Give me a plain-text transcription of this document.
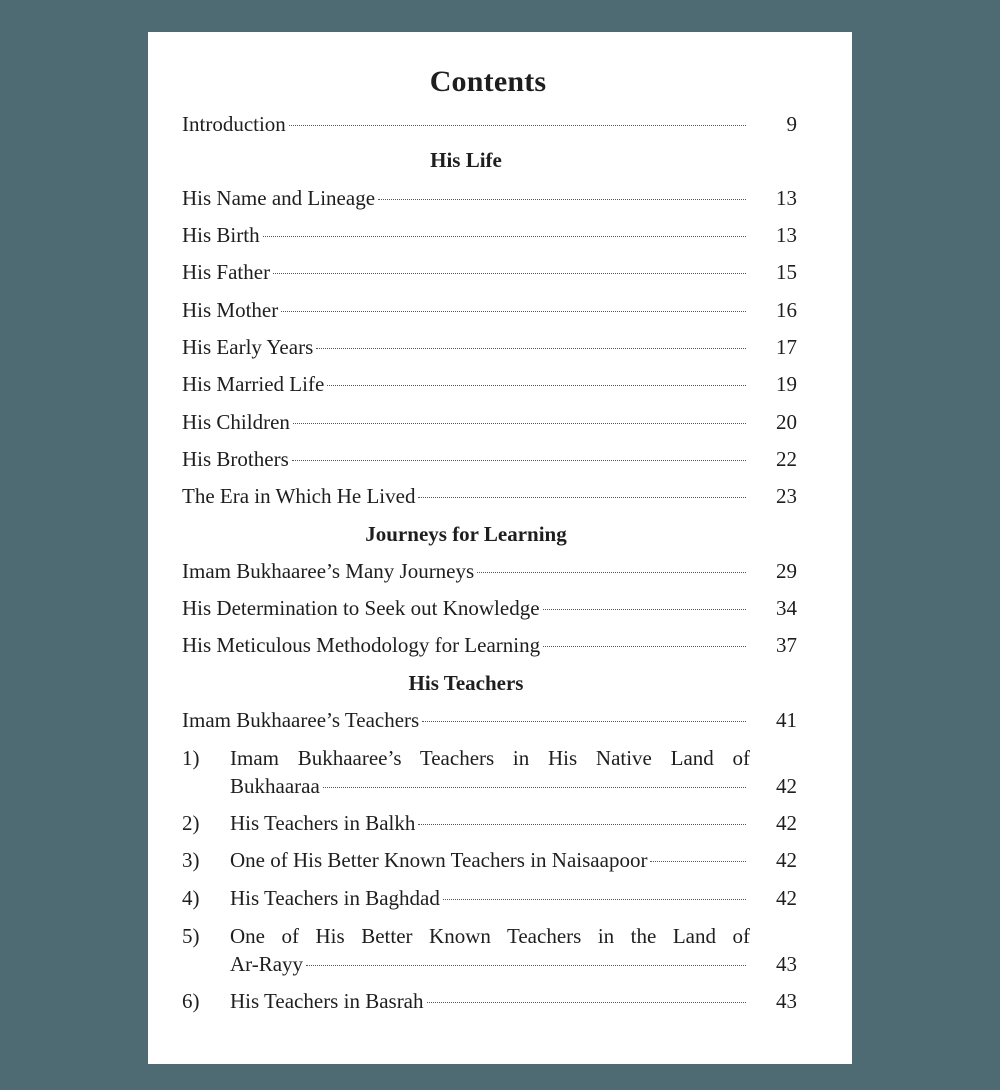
Contents
Introduction	9
His Life
His Name and Lineage	13
His Birth	13
His Father	15
His Mother	16
His Early Years	17
His Married Life	19
His Children	20
His Brothers	22
The Era in Which He Lived	23
Journeys for Learning
Imam Bukhaaree’s Many Journeys	29
His Determination to Seek out Knowledge	34
His Meticulous Methodology for Learning	37
His Teachers
Imam Bukhaaree’s Teachers	41
1) Imam Bukhaaree’s Teachers in His Native Land of
Bukhaaraa	42
2)	His Teachers in Balkh	42
3)	One of His Better Known Teachers in Naisaapoor	42
4)	His Teachers in Baghdad	42
5) One of His Better Known Teachers in the Land of
Ar-Rayy	43
6)	His Teachers in Basrah	43
